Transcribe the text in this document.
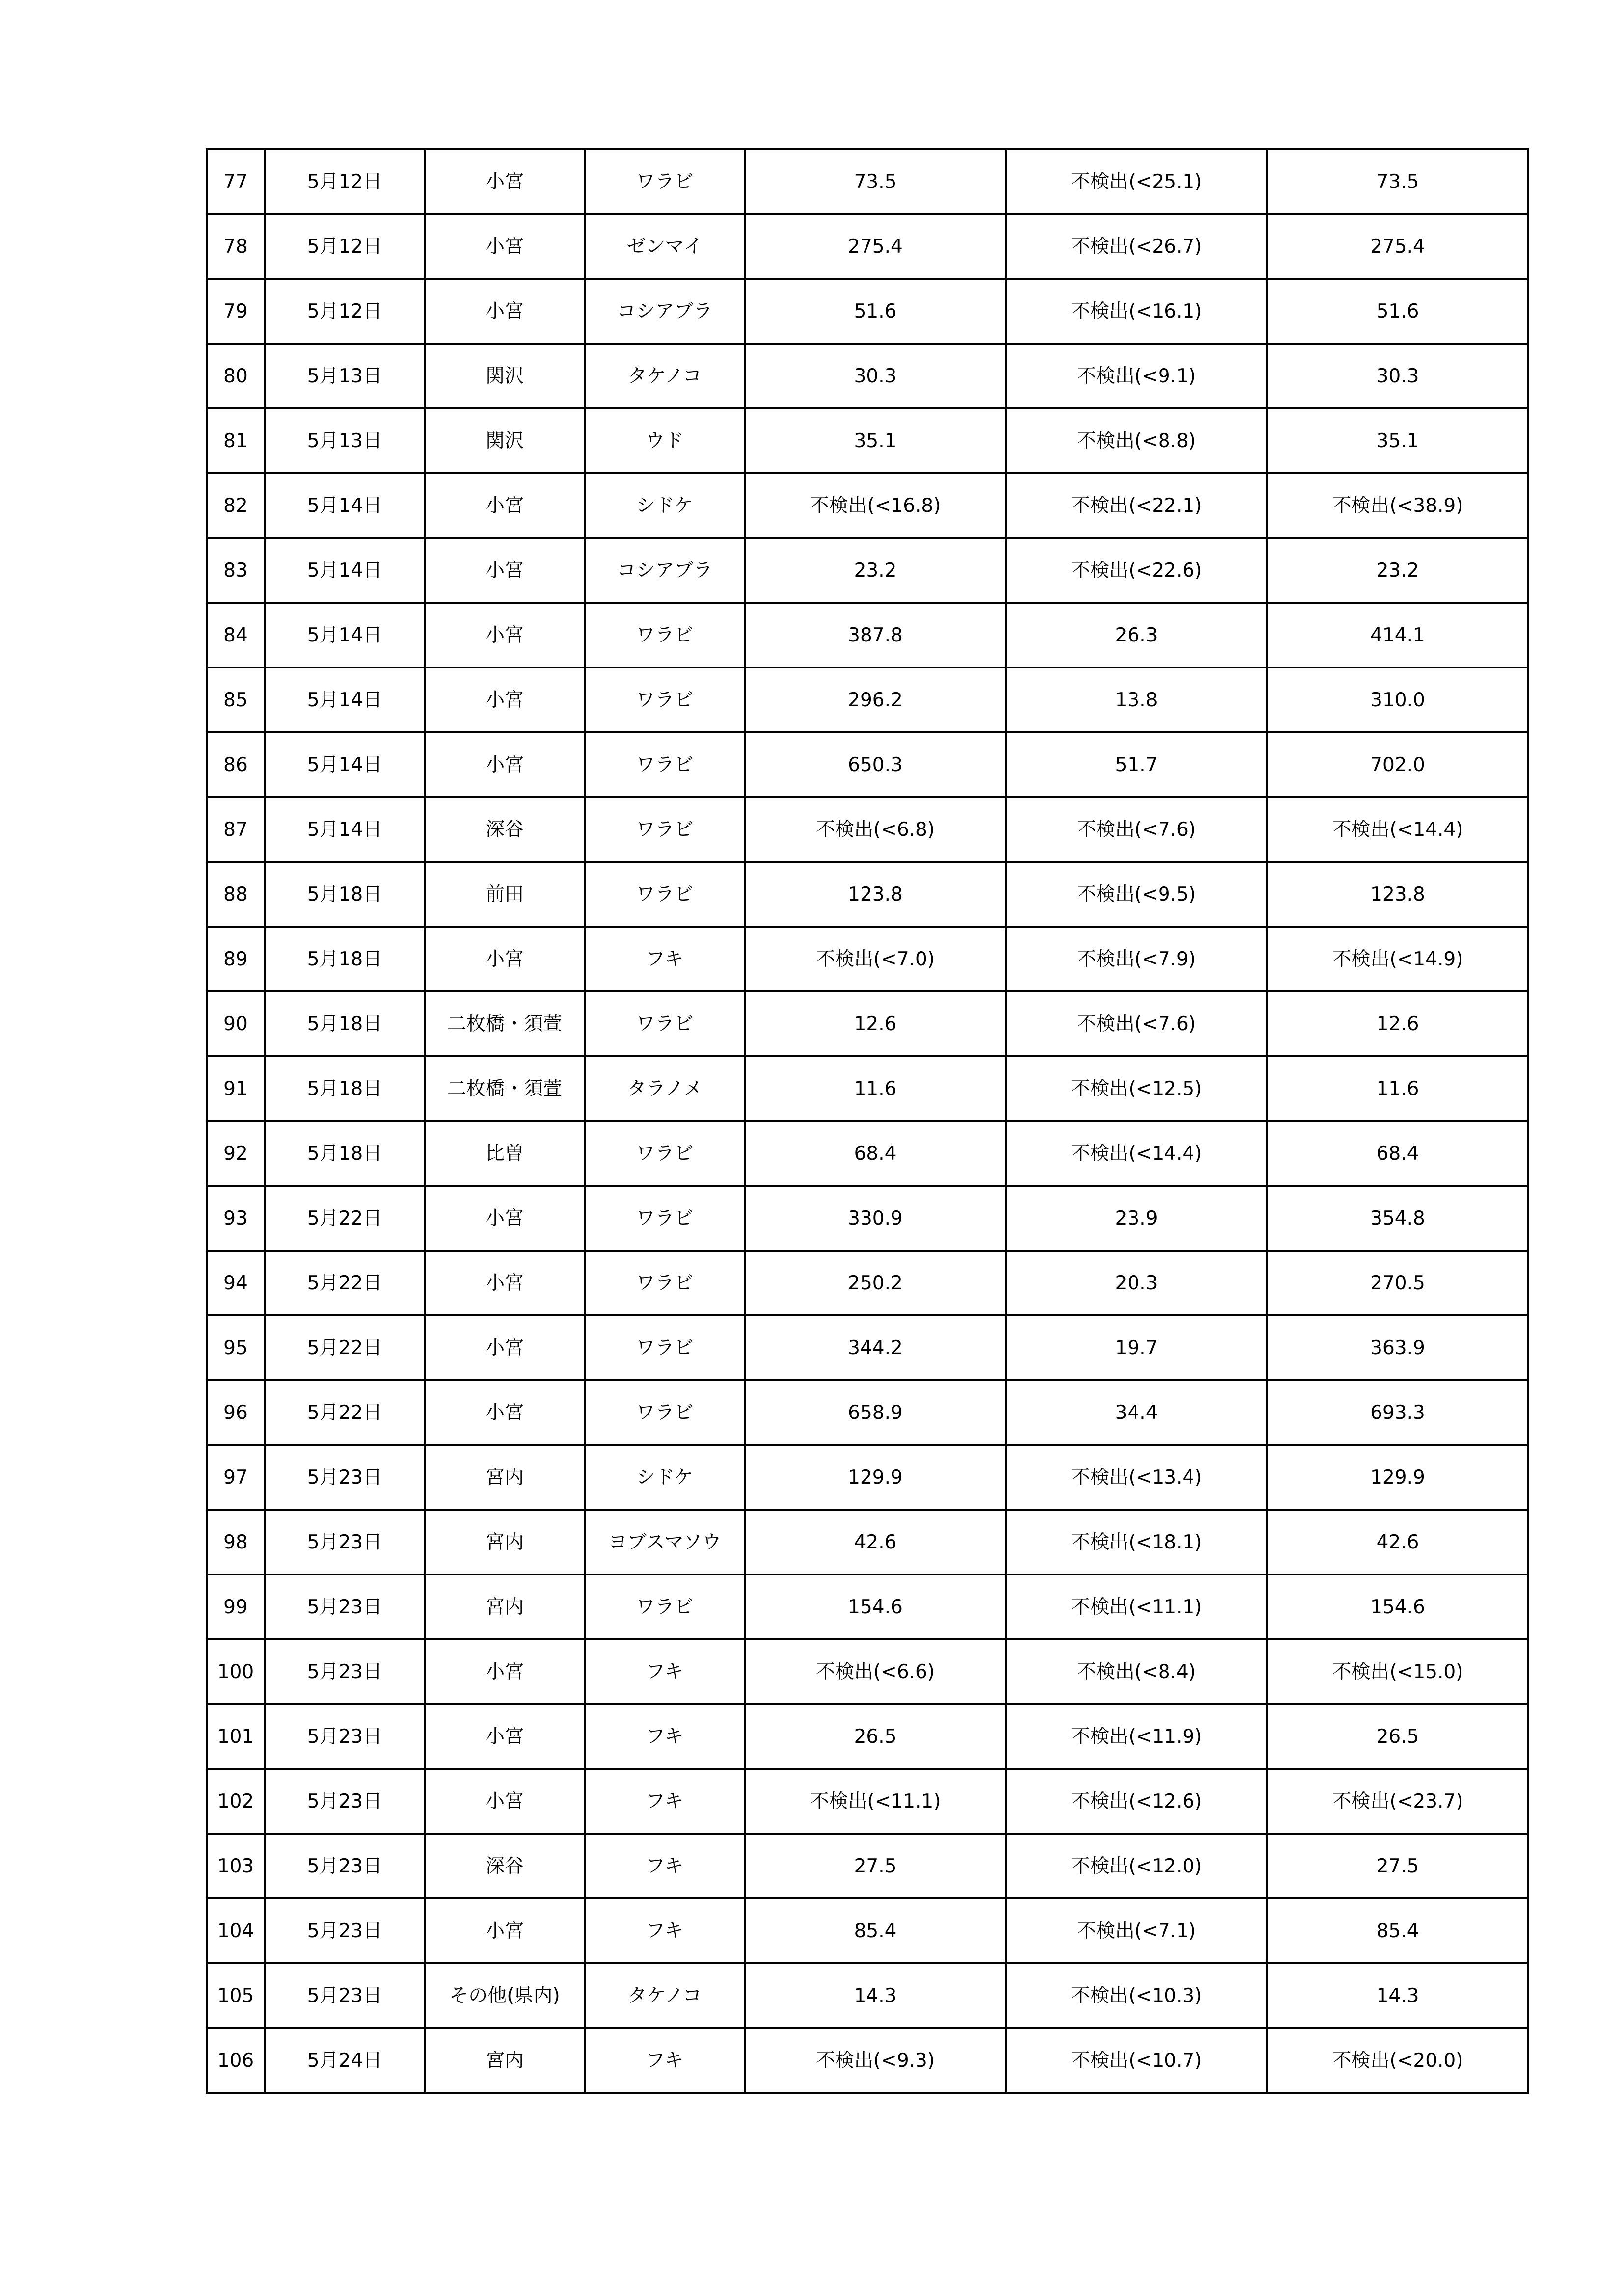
77	5月12日	小宮	ワラビ	73.5	不検出(<25.1)	73.5
78	5月12日	小宮	ゼンマイ	275.4	不検出(<26.7)	275.4
79	5月12日	小宮	コシアブラ	51.6	不検出(<16.1)	51.6
80	5月13日	関沢	タケノコ	30.3	不検出(<9.1)	30.3
81	5月13日	関沢	ウド	35.1	不検出(<8.8)	35.1
82	5月14日	小宮	シドケ	不検出(<16.8)	不検出(<22.1)	不検出(<38.9)
83	5月14日	小宮	コシアブラ	23.2	不検出(<22.6)	23.2
84	5月14日	小宮	ワラビ	387.8	26.3	414.1
85	5月14日	小宮	ワラビ	296.2	13.8	310.0
86	5月14日	小宮	ワラビ	650.3	51.7	702.0
87	5月14日	深谷	ワラビ	不検出(<6.8)	不検出(<7.6)	不検出(<14.4)
88	5月18日	前田	ワラビ	123.8	不検出(<9.5)	123.8
89	5月18日	小宮	フキ	不検出(<7.0)	不検出(<7.9)	不検出(<14.9)
90	5月18日	二枚橋・須萱	ワラビ	12.6	不検出(<7.6)	12.6
91	5月18日	二枚橋・須萱	タラノメ	11.6	不検出(<12.5)	11.6
92	5月18日	比曽	ワラビ	68.4	不検出(<14.4)	68.4
93	5月22日	小宮	ワラビ	330.9	23.9	354.8
94	5月22日	小宮	ワラビ	250.2	20.3	270.5
95	5月22日	小宮	ワラビ	344.2	19.7	363.9
96	5月22日	小宮	ワラビ	658.9	34.4	693.3
97	5月23日	宮内	シドケ	129.9	不検出(<13.4)	129.9
98	5月23日	宮内	ヨブスマソウ	42.6	不検出(<18.1)	42.6
99	5月23日	宮内	ワラビ	154.6	不検出(<11.1)	154.6
100	5月23日	小宮	フキ	不検出(<6.6)	不検出(<8.4)	不検出(<15.0)
101	5月23日	小宮	フキ	26.5	不検出(<11.9)	26.5
102	5月23日	小宮	フキ	不検出(<11.1)	不検出(<12.6)	不検出(<23.7)
103	5月23日	深谷	フキ	27.5	不検出(<12.0)	27.5
104	5月23日	小宮	フキ	85.4	不検出(<7.1)	85.4
105	5月23日	その他(県内)	タケノコ	14.3	不検出(<10.3)	14.3
106	5月24日	宮内	フキ	不検出(<9.3)	不検出(<10.7)	不検出(<20.0)
